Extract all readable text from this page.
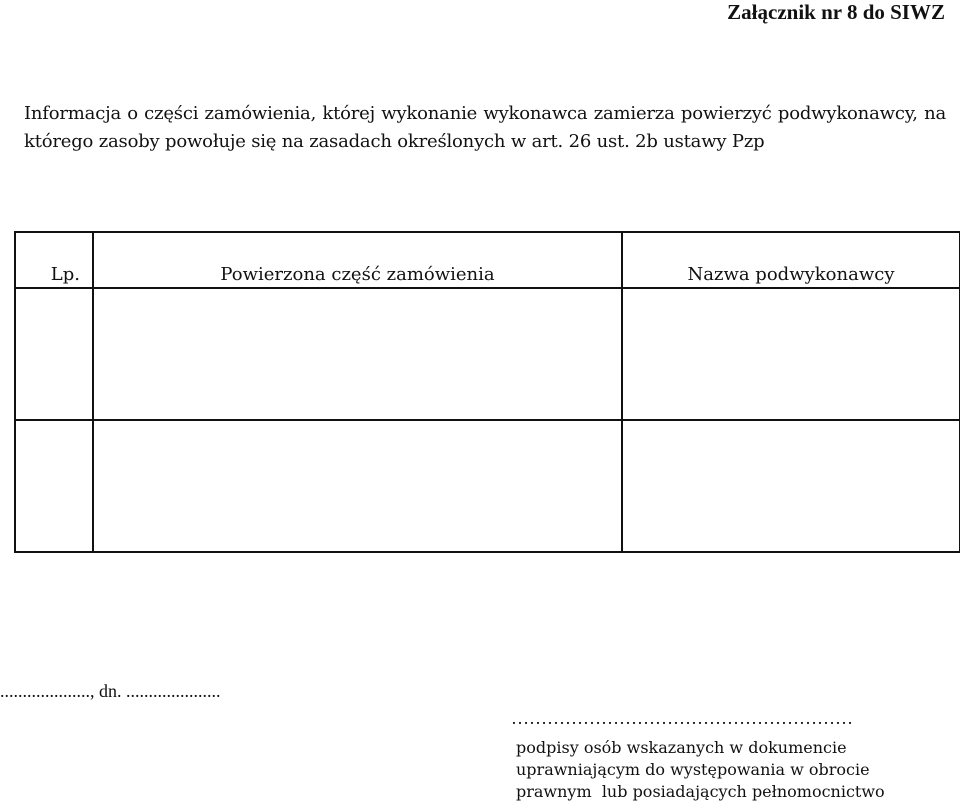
Załącznik nr 8 do SIWZ
Informacja o części zamówienia, której wykonanie wykonawca zamierza powierzyć podwykonawcy, na którego zasoby powołuje się na zasadach określonych w art. 26 ust. 2b ustawy Pzp
Lp.	Powierzona część zamówienia	Nazwa podwykonawcy

...................., dn. .....................
…………………………………………………
podpisy osób wskazanych w dokumencie
uprawniającym do występowania w obrocie
prawnym  lub posiadających pełnomocnictwo
